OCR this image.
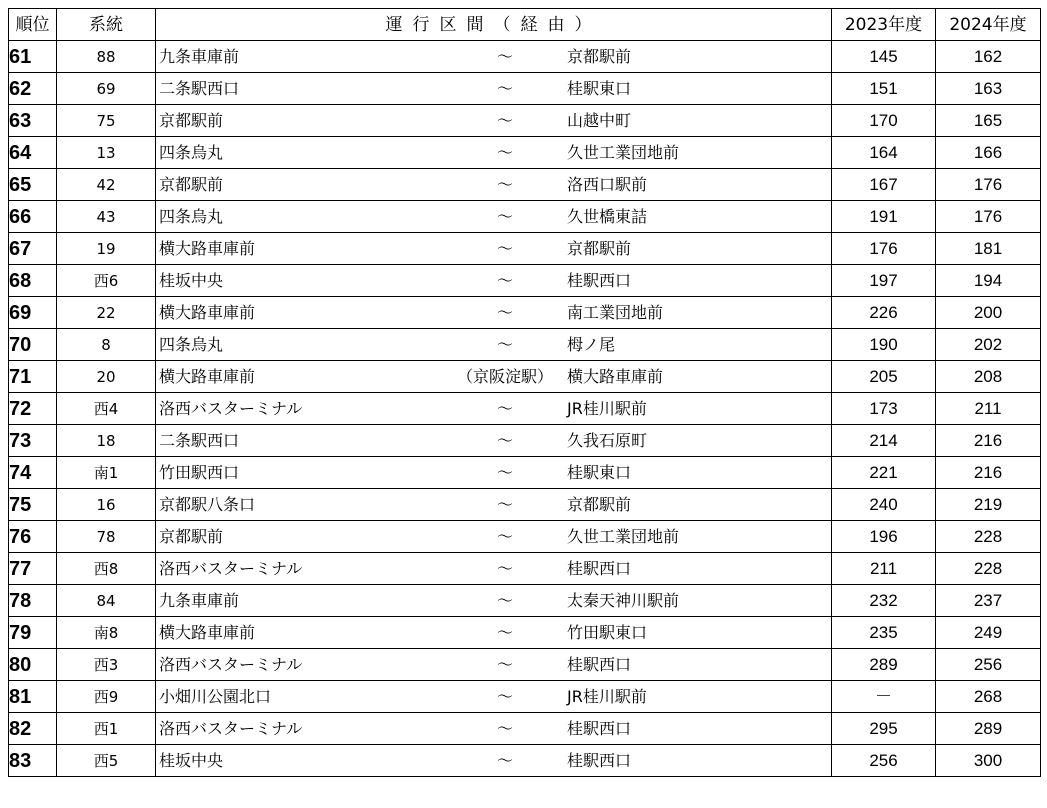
順位	系統	運行区間（経由）	2023年度	2024年度
61	88	九条車庫前 ～ 京都駅前	145	162
62	69	二条駅西口 ～ 桂駅東口	151	163
63	75	京都駅前 ～ 山越中町	170	165
64	13	四条烏丸 ～ 久世工業団地前	164	166
65	42	京都駅前 ～ 洛西口駅前	167	176
66	43	四条烏丸 ～ 久世橋東詰	191	176
67	19	横大路車庫前 ～ 京都駅前	176	181
68	西6	桂坂中央 ～ 桂駅西口	197	194
69	22	横大路車庫前 ～ 南工業団地前	226	200
70	8	四条烏丸 ～ 栂ノ尾	190	202
71	20	横大路車庫前 （京阪淀駅） 横大路車庫前	205	208
72	西4	洛西バスターミナル ～ JR桂川駅前	173	211
73	18	二条駅西口 ～ 久我石原町	214	216
74	南1	竹田駅西口 ～ 桂駅東口	221	216
75	16	京都駅八条口 ～ 京都駅前	240	219
76	78	京都駅前 ～ 久世工業団地前	196	228
77	西8	洛西バスターミナル ～ 桂駅西口	211	228
78	84	九条車庫前 ～ 太秦天神川駅前	232	237
79	南8	横大路車庫前 ～ 竹田駅東口	235	249
80	西3	洛西バスターミナル ～ 桂駅西口	289	256
81	西9	小畑川公園北口 ～ JR桂川駅前	－	268
82	西1	洛西バスターミナル ～ 桂駅西口	295	289
83	西5	桂坂中央 ～ 桂駅西口	256	300
